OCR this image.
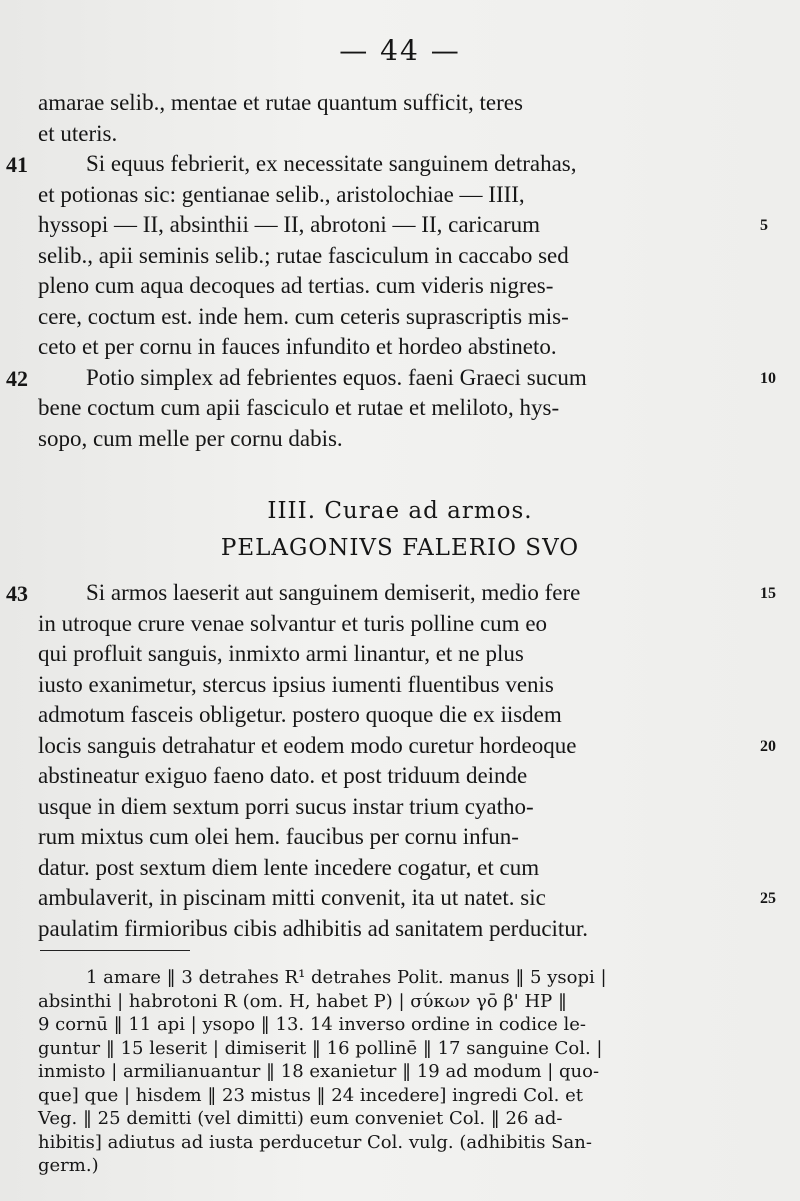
— 44 —
amarae selib., mentae et rutae quantum sufficit, teres
et uteris.
Si equus febrierit, ex necessitate sanguinem detrahas,
41
et potionas sic: gentianae selib., aristolochiae — IIII,
hyssopi — II, absinthii — II, abrotoni — II, caricarum	5
selib., apii seminis selib.; rutae fasciculum in caccabo sed
pleno cum aqua decoques ad tertias. cum videris nigres-
cere, coctum est. inde hem. cum ceteris suprascriptis mis-
ceto et per cornu in fauces infundito et hordeo abstineto.
Potio simplex ad febrientes equos. faeni Graeci sucum
42	10
bene coctum cum apii fasciculo et rutae et meliloto, hys-
sopo, cum melle per cornu dabis.
IIII. Curae ad armos.
PELAGONIVS FALERIO SVO
Si armos laeserit aut sanguinem demiserit, medio fere
43	15
in utroque crure venae solvantur et turis polline cum eo
qui profluit sanguis, inmixto armi linantur, et ne plus
iusto exanimetur, stercus ipsius iumenti fluentibus venis
admotum fasceis obligetur. postero quoque die ex iisdem
locis sanguis detrahatur et eodem modo curetur hordeoque	20
abstineatur exiguo faeno dato. et post triduum deinde
usque in diem sextum porri sucus instar trium cyatho-
rum mixtus cum olei hem. faucibus per cornu infun-
datur. post sextum diem lente incedere cogatur, et cum
ambulaverit, in piscinam mitti convenit, ita ut natet. sic	25
paulatim firmioribus cibis adhibitis ad sanitatem perducitur.
1 amare ‖ 3 detrahes R¹ detrahes Polit. manus ‖ 5 ysopi |
absinthi | habrotoni R (om. H, habet P) | σύκων γō β' HP ‖
9 cornū ‖ 11 api | ysopo ‖ 13. 14 inverso ordine in codice le-
guntur ‖ 15 leserit | dimiserit ‖ 16 pollinē ‖ 17 sanguine Col. |
inmisto | armilianuantur ‖ 18 exanietur ‖ 19 ad modum | quo-
que] que | hisdem ‖ 23 mistus ‖ 24 incedere] ingredi Col. et
Veg. ‖ 25 demitti (vel dimitti) eum conveniet Col. ‖ 26 ad-
hibitis] adiutus ad iusta perducetur Col. vulg. (adhibitis San-
germ.)
